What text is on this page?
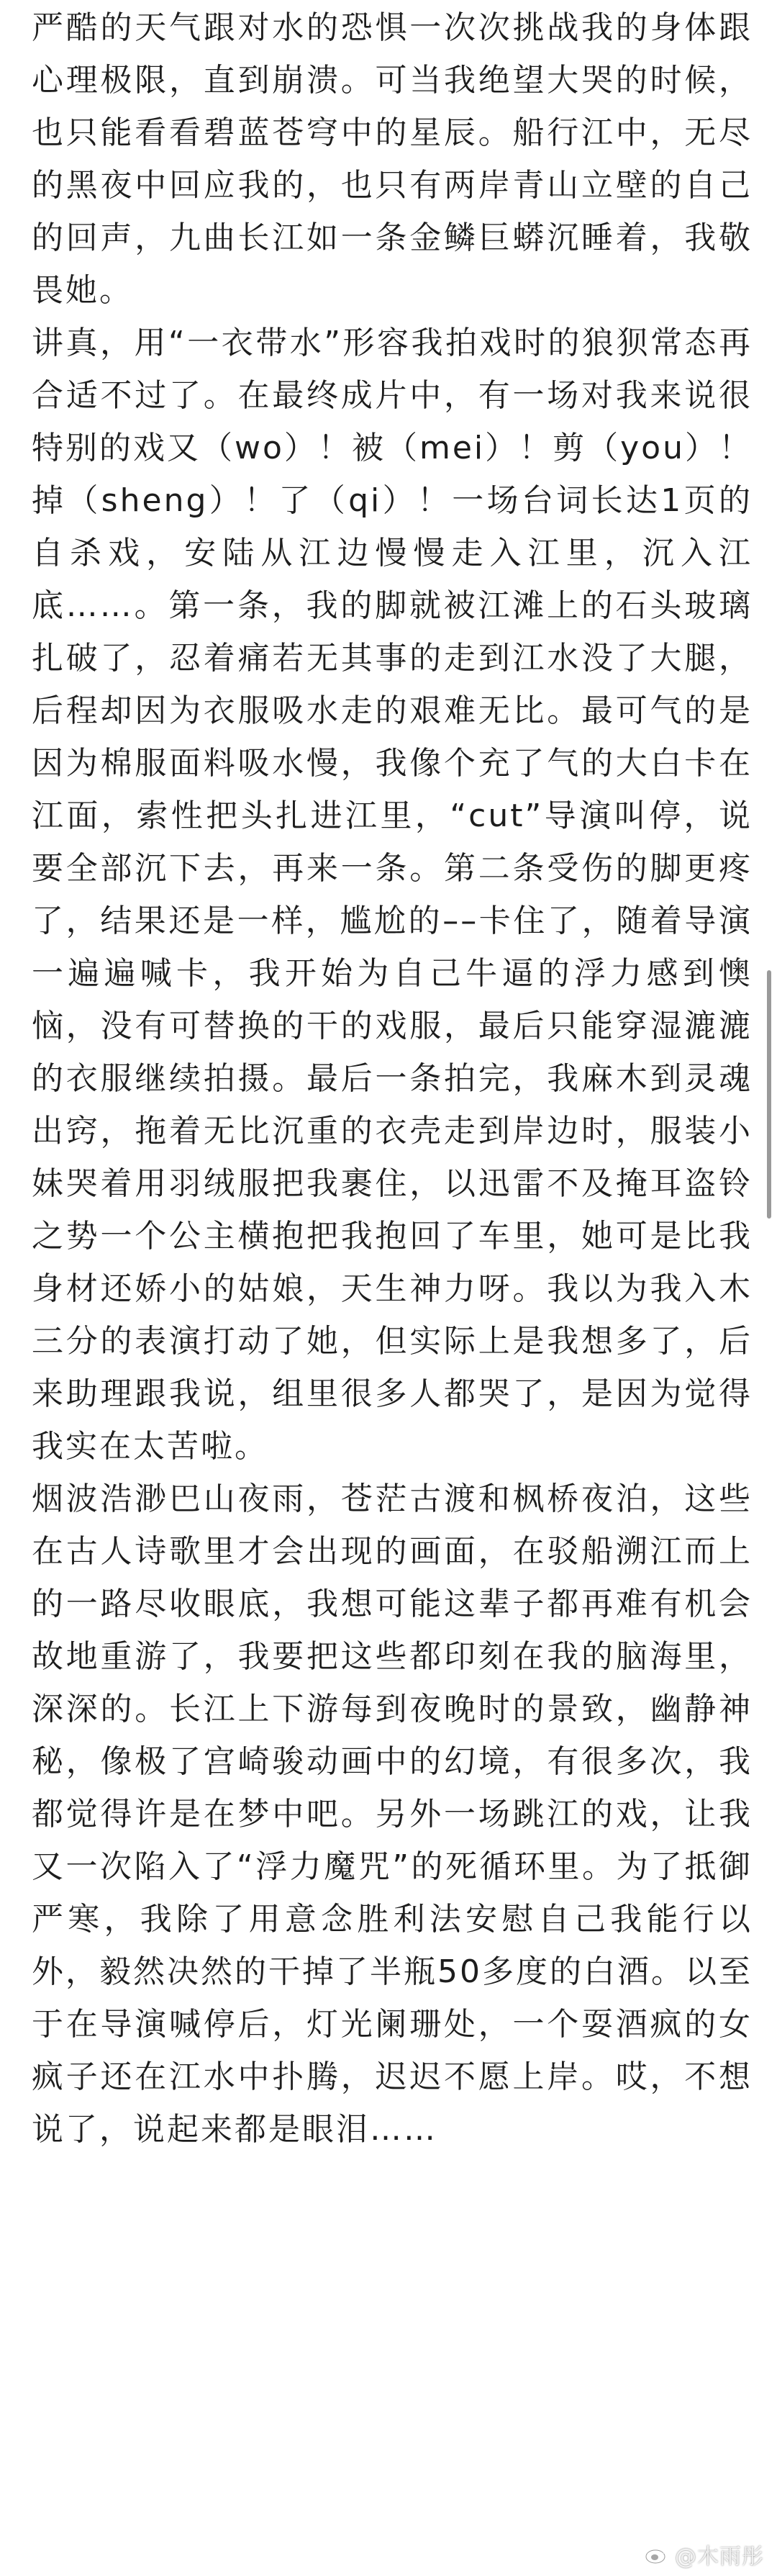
严酷的天气跟对水的恐惧一次次挑战我的身体跟心理极限，直到崩溃。可当我绝望大哭的时候，也只能看看碧蓝苍穹中的星辰。船行江中，无尽的黑夜中回应我的，也只有两岸青山立壁的自己的回声，九曲长江如一条金鳞巨蟒沉睡着，我敬畏她。

讲真，用“一衣带水”形容我拍戏时的狼狈常态再合适不过了。在最终成片中，有一场对我来说很特别的戏又（wo）！被（mei）！剪（you）！掉（sheng）！了（qi）！一场台词长达1页的自杀戏，安陆从江边慢慢走入江里，沉入江底……。第一条，我的脚就被江滩上的石头玻璃扎破了，忍着痛若无其事的走到江水没了大腿，后程却因为衣服吸水走的艰难无比。最可气的是因为棉服面料吸水慢，我像个充了气的大白卡在江面，索性把头扎进江里，“cut”导演叫停，说要全部沉下去，再来一条。第二条受伤的脚更疼了，结果还是一样，尴尬的––卡住了，随着导演一遍遍喊卡，我开始为自己牛逼的浮力感到懊恼，没有可替换的干的戏服，最后只能穿湿漉漉的衣服继续拍摄。最后一条拍完，我麻木到灵魂出窍，拖着无比沉重的衣壳走到岸边时，服装小妹哭着用羽绒服把我裹住，以迅雷不及掩耳盗铃之势一个公主横抱把我抱回了车里，她可是比我身材还娇小的姑娘，天生神力呀。我以为我入木三分的表演打动了她，但实际上是我想多了，后来助理跟我说，组里很多人都哭了，是因为觉得我实在太苦啦。

烟波浩渺巴山夜雨，苍茫古渡和枫桥夜泊，这些在古人诗歌里才会出现的画面，在驳船溯江而上的一路尽收眼底，我想可能这辈子都再难有机会故地重游了，我要把这些都印刻在我的脑海里，深深的。长江上下游每到夜晚时的景致，幽静神秘，像极了宫崎骏动画中的幻境，有很多次，我都觉得许是在梦中吧。另外一场跳江的戏，让我又一次陷入了“浮力魔咒”的死循环里。为了抵御严寒，我除了用意念胜利法安慰自己我能行以外，毅然决然的干掉了半瓶50多度的白酒。以至于在导演喊停后，灯光阑珊处，一个耍酒疯的女疯子还在江水中扑腾，迟迟不愿上岸。哎，不想说了，说起来都是眼泪……

@木雨彤
